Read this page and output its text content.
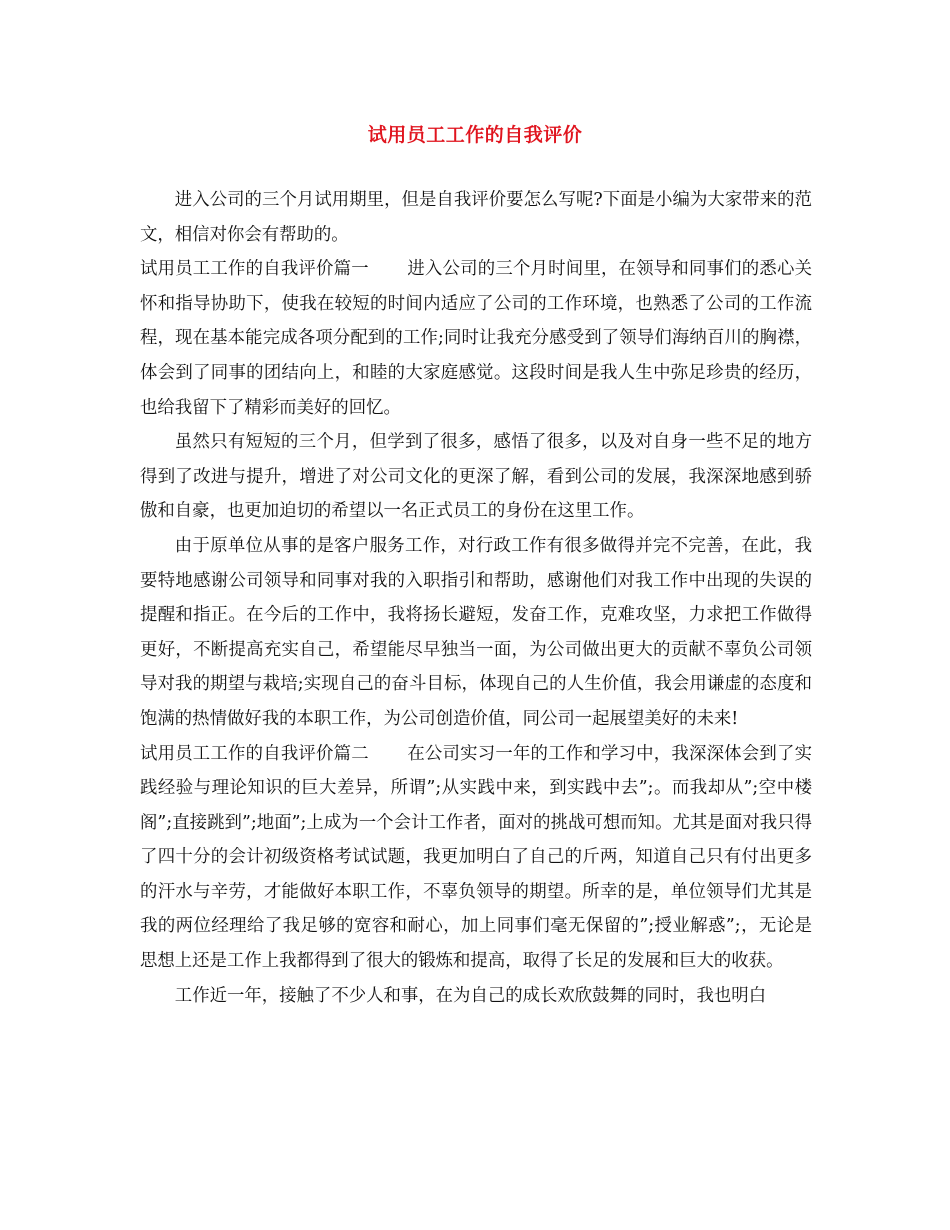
试用员工工作的自我评价

进入公司的三个月试用期里，但是自我评价要怎么写呢?下面是小编为大家带来的范文，相信对你会有帮助的。

试用员工工作的自我评价篇一 进入公司的三个月时间里，在领导和同事们的悉心关怀和指导协助下，使我在较短的时间内适应了公司的工作环境，也熟悉了公司的工作流程，现在基本能完成各项分配到的工作;同时让我充分感受到了领导们海纳百川的胸襟，体会到了同事的团结向上，和睦的大家庭感觉。这段时间是我人生中弥足珍贵的经历，也给我留下了精彩而美好的回忆。

虽然只有短短的三个月，但学到了很多，感悟了很多，以及对自身一些不足的地方得到了改进与提升，增进了对公司文化的更深了解，看到公司的发展，我深深地感到骄傲和自豪，也更加迫切的希望以一名正式员工的身份在这里工作。

由于原单位从事的是客户服务工作，对行政工作有很多做得并完不完善，在此，我要特地感谢公司领导和同事对我的入职指引和帮助，感谢他们对我工作中出现的失误的提醒和指正。在今后的工作中，我将扬长避短，发奋工作，克难攻坚，力求把工作做得更好，不断提高充实自己，希望能尽早独当一面，为公司做出更大的贡献不辜负公司领导对我的期望与栽培;实现自己的奋斗目标，体现自己的人生价值，我会用谦虚的态度和饱满的热情做好我的本职工作，为公司创造价值，同公司一起展望美好的未来!

试用员工工作的自我评价篇二 在公司实习一年的工作和学习中，我深深体会到了实践经验与理论知识的巨大差异，所谓”;从实践中来，到实践中去”;。而我却从”;空中楼阁”;直接跳到”;地面”;上成为一个会计工作者，面对的挑战可想而知。尤其是面对我只得了四十分的会计初级资格考试试题，我更加明白了自己的斤两，知道自己只有付出更多的汗水与辛劳，才能做好本职工作，不辜负领导的期望。所幸的是，单位领导们尤其是我的两位经理给了我足够的宽容和耐心，加上同事们毫无保留的”;授业解惑”;，无论是思想上还是工作上我都得到了很大的锻炼和提高，取得了长足的发展和巨大的收获。

工作近一年，接触了不少人和事，在为自己的成长欢欣鼓舞的同时，我也明白
